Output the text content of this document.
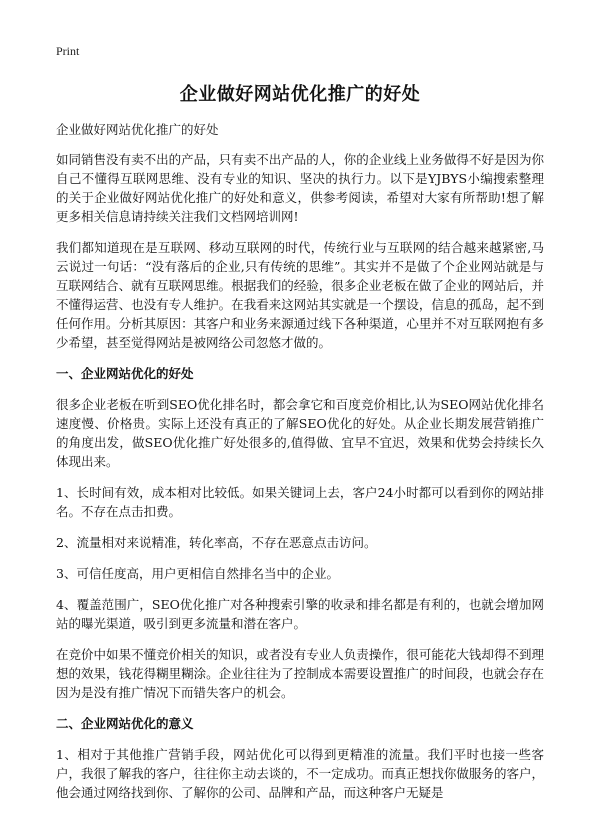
Print
企业做好网站优化推广的好处

企业做好网站优化推广的好处

如同销售没有卖不出的产品，只有卖不出产品的人，你的企业线上业务做得不好是因为你自己不懂得互联网思维、没有专业的知识、坚决的执行力。以下是YJBYS小编搜索整理的关于企业做好网站优化推广的好处和意义，供参考阅读，希望对大家有所帮助!想了解更多相关信息请持续关注我们文档网培训网!

我们都知道现在是互联网、移动互联网的时代，传统行业与互联网的结合越来越紧密,马云说过一句话：“没有落后的企业,只有传统的思维”。其实并不是做了个企业网站就是与互联网结合、就有互联网思维。根据我们的经验，很多企业老板在做了企业的网站后，并不懂得运营、也没有专人维护。在我看来这网站其实就是一个摆设，信息的孤岛，起不到任何作用。分析其原因：其客户和业务来源通过线下各种渠道，心里并不对互联网抱有多少希望，甚至觉得网站是被网络公司忽悠才做的。

一、企业网站优化的好处

很多企业老板在听到SEO优化排名时，都会拿它和百度竞价相比,认为SEO网站优化排名速度慢、价格贵。实际上还没有真正的了解SEO优化的好处。从企业长期发展营销推广的角度出发，做SEO优化推广好处很多的,值得做、宜早不宜迟，效果和优势会持续长久体现出来。

1、长时间有效，成本相对比较低。如果关键词上去，客户24小时都可以看到你的网站排名。不存在点击扣费。

2、流量相对来说精准，转化率高，不存在恶意点击访问。

3、可信任度高，用户更相信自然排名当中的企业。

4、覆盖范围广，SEO优化推广对各种搜索引擎的收录和排名都是有利的，也就会增加网站的曝光渠道，吸引到更多流量和潜在客户。

在竞价中如果不懂竞价相关的知识，或者没有专业人负责操作，很可能花大钱却得不到理想的效果，钱花得糊里糊涂。企业往往为了控制成本需要设置推广的时间段，也就会存在因为是没有推广情况下而错失客户的机会。

二、企业网站优化的意义

1、相对于其他推广营销手段，网站优化可以得到更精准的流量。我们平时也接一些客户，我很了解我的客户，往往你主动去谈的，不一定成功。而真正想找你做服务的客户，他会通过网络找到你、了解你的公司、品牌和产品，而这种客户无疑是
